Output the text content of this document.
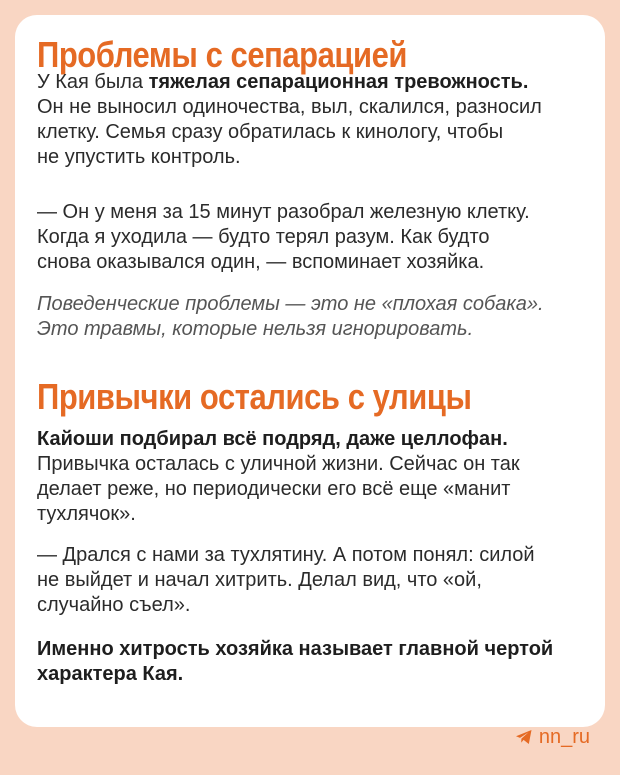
Проблемы с сепарацией
У Кая была тяжелая сепарационная тревожность.
Он не выносил одиночества, выл, скалился, разносил
клетку. Семья сразу обратилась к кинологу, чтобы
не упустить контроль.
— Он у меня за 15 минут разобрал железную клетку.
Когда я уходила — будто терял разум. Как будто
снова оказывался один, — вспоминает хозяйка.
Поведенческие проблемы — это не «плохая собака».
Это травмы, которые нельзя игнорировать.
Привычки остались с улицы
Кайоши подбирал всё подряд, даже целлофан.
Привычка осталась с уличной жизни. Сейчас он так
делает реже, но периодически его всё еще «манит
тухлячок».
— Дрался с нами за тухлятину. А потом понял: силой
не выйдет и начал хитрить. Делал вид, что «ой,
случайно съел».
Именно хитрость хозяйка называет главной чертой
характера Кая.
nn_ru
